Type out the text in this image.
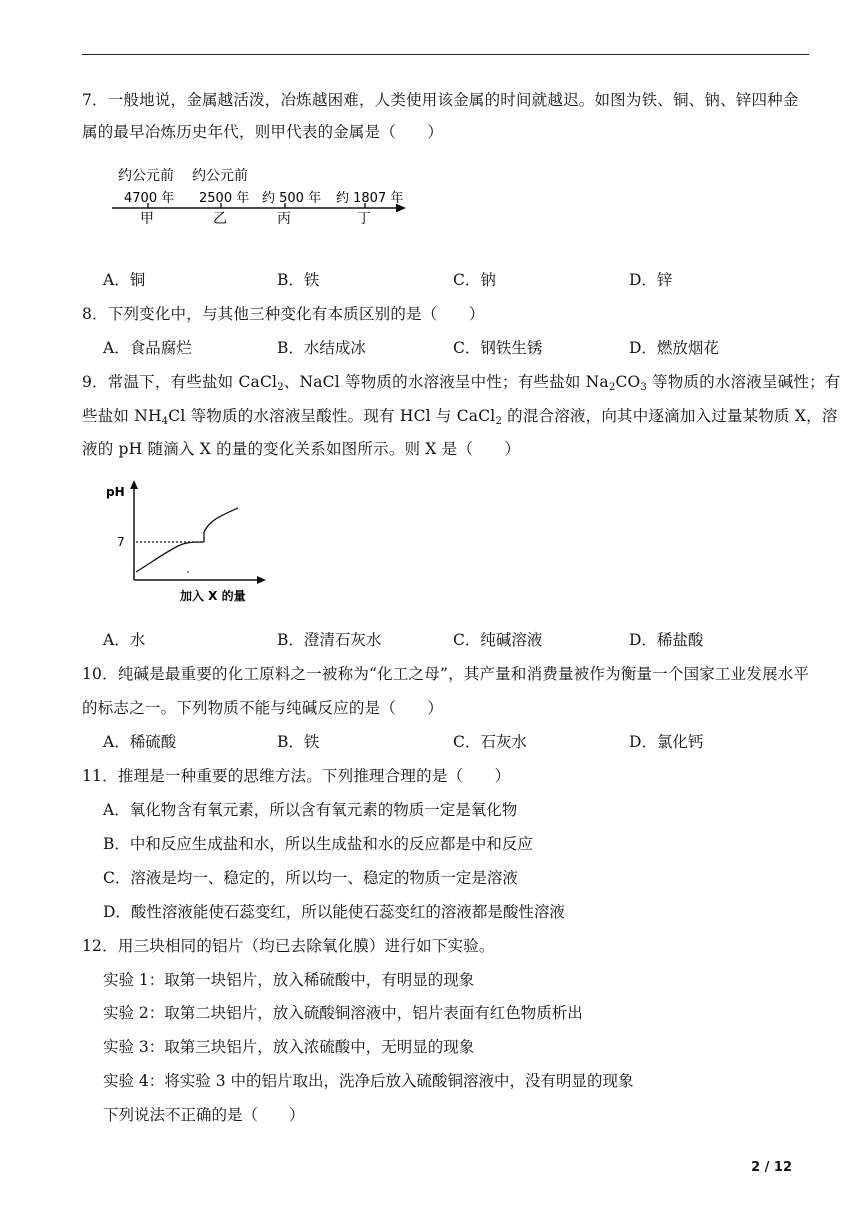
7．一般地说，金属越活泼，冶炼越困难，人类使用该金属的时间就越迟。如图为铁、铜、钠、锌四种金
属的最早冶炼历史年代，则甲代表的金属是（　　）
约公元前 约公元前
4700 年 2500 年 约 500 年 约 1807 年
甲	乙	丙	丁
A．铜	B．铁	C．钠	D．锌
8．下列变化中，与其他三种变化有本质区别的是（　　）
A．食品腐烂	B．水结成冰	C．钢铁生锈	D．燃放烟花
9．常温下，有些盐如 CaCl$_2$、NaCl 等物质的水溶液呈中性；有些盐如 $Na_2CO_3$ 等物质的水溶液呈碱性；有
些盐如 $NH_4Cl$ 等物质的水溶液呈酸性。现有 HCl 与 CaCl$_2$ 的混合溶液，向其中逐滴加入过量某物质 X，溶
液的 pH 随滴入 X 的量的变化关系如图所示。则 X 是（　　）
pH
7
加入 X 的量
A．水	B．澄清石灰水	C．纯碱溶液	D．稀盐酸
10．纯碱是最重要的化工原料之一被称为“化工之母”，其产量和消费量被作为衡量一个国家工业发展水平
的标志之一。下列物质不能与纯碱反应的是（　　）
A．稀硫酸	B．铁	C．石灰水	D．氯化钙
11．推理是一种重要的思维方法。下列推理合理的是（　　）
A．氧化物含有氧元素，所以含有氧元素的物质一定是氧化物
B．中和反应生成盐和水，所以生成盐和水的反应都是中和反应
C．溶液是均一、稳定的，所以均一、稳定的物质一定是溶液
D．酸性溶液能使石蕊变红，所以能使石蕊变红的溶液都是酸性溶液
12．用三块相同的铝片（均已去除氧化膜）进行如下实验。
实验 1：取第一块铝片，放入稀硫酸中，有明显的现象
实验 2：取第二块铝片，放入硫酸铜溶液中，铝片表面有红色物质析出
实验 3：取第三块铝片，放入浓硫酸中，无明显的现象
实验 4：将实验 3 中的铝片取出，洗净后放入硫酸铜溶液中，没有明显的现象
下列说法不正确的是（　　）
2 / 12
